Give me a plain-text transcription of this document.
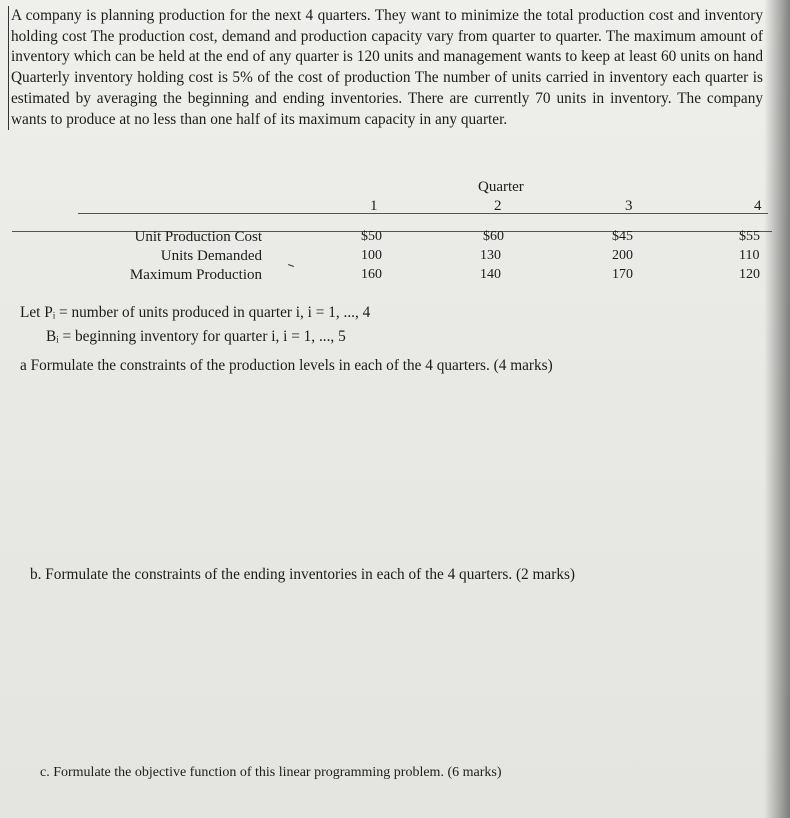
A company is planning production for the next 4 quarters. They want to minimize the total production cost and inventory holding cost The production cost, demand and production capacity vary from quarter to quarter. The maximum amount of inventory which can be held at the end of any quarter is 120 units and management wants to keep at least 60 units on hand Quarterly inventory holding cost is 5% of the cost of production The number of units carried in inventory each quarter is estimated by averaging the beginning and ending inventories. There are currently 70 units in inventory. The company wants to produce at no less than one half of its maximum capacity in any quarter.
Quarter
1	2	3	4
Unit Production Cost	$50	$60	$45	$55
Units Demanded	100	130	200	110
Maximum Production	160	140	170	120
Let Pᵢ = number of units produced in quarter i, i = 1, ..., 4
Bᵢ = beginning inventory for quarter i, i = 1, ..., 5
a Formulate the constraints of the production levels in each of the 4 quarters. (4 marks)
b. Formulate the constraints of the ending inventories in each of the 4 quarters. (2 marks)
c. Formulate the objective function of this linear programming problem. (6 marks)
